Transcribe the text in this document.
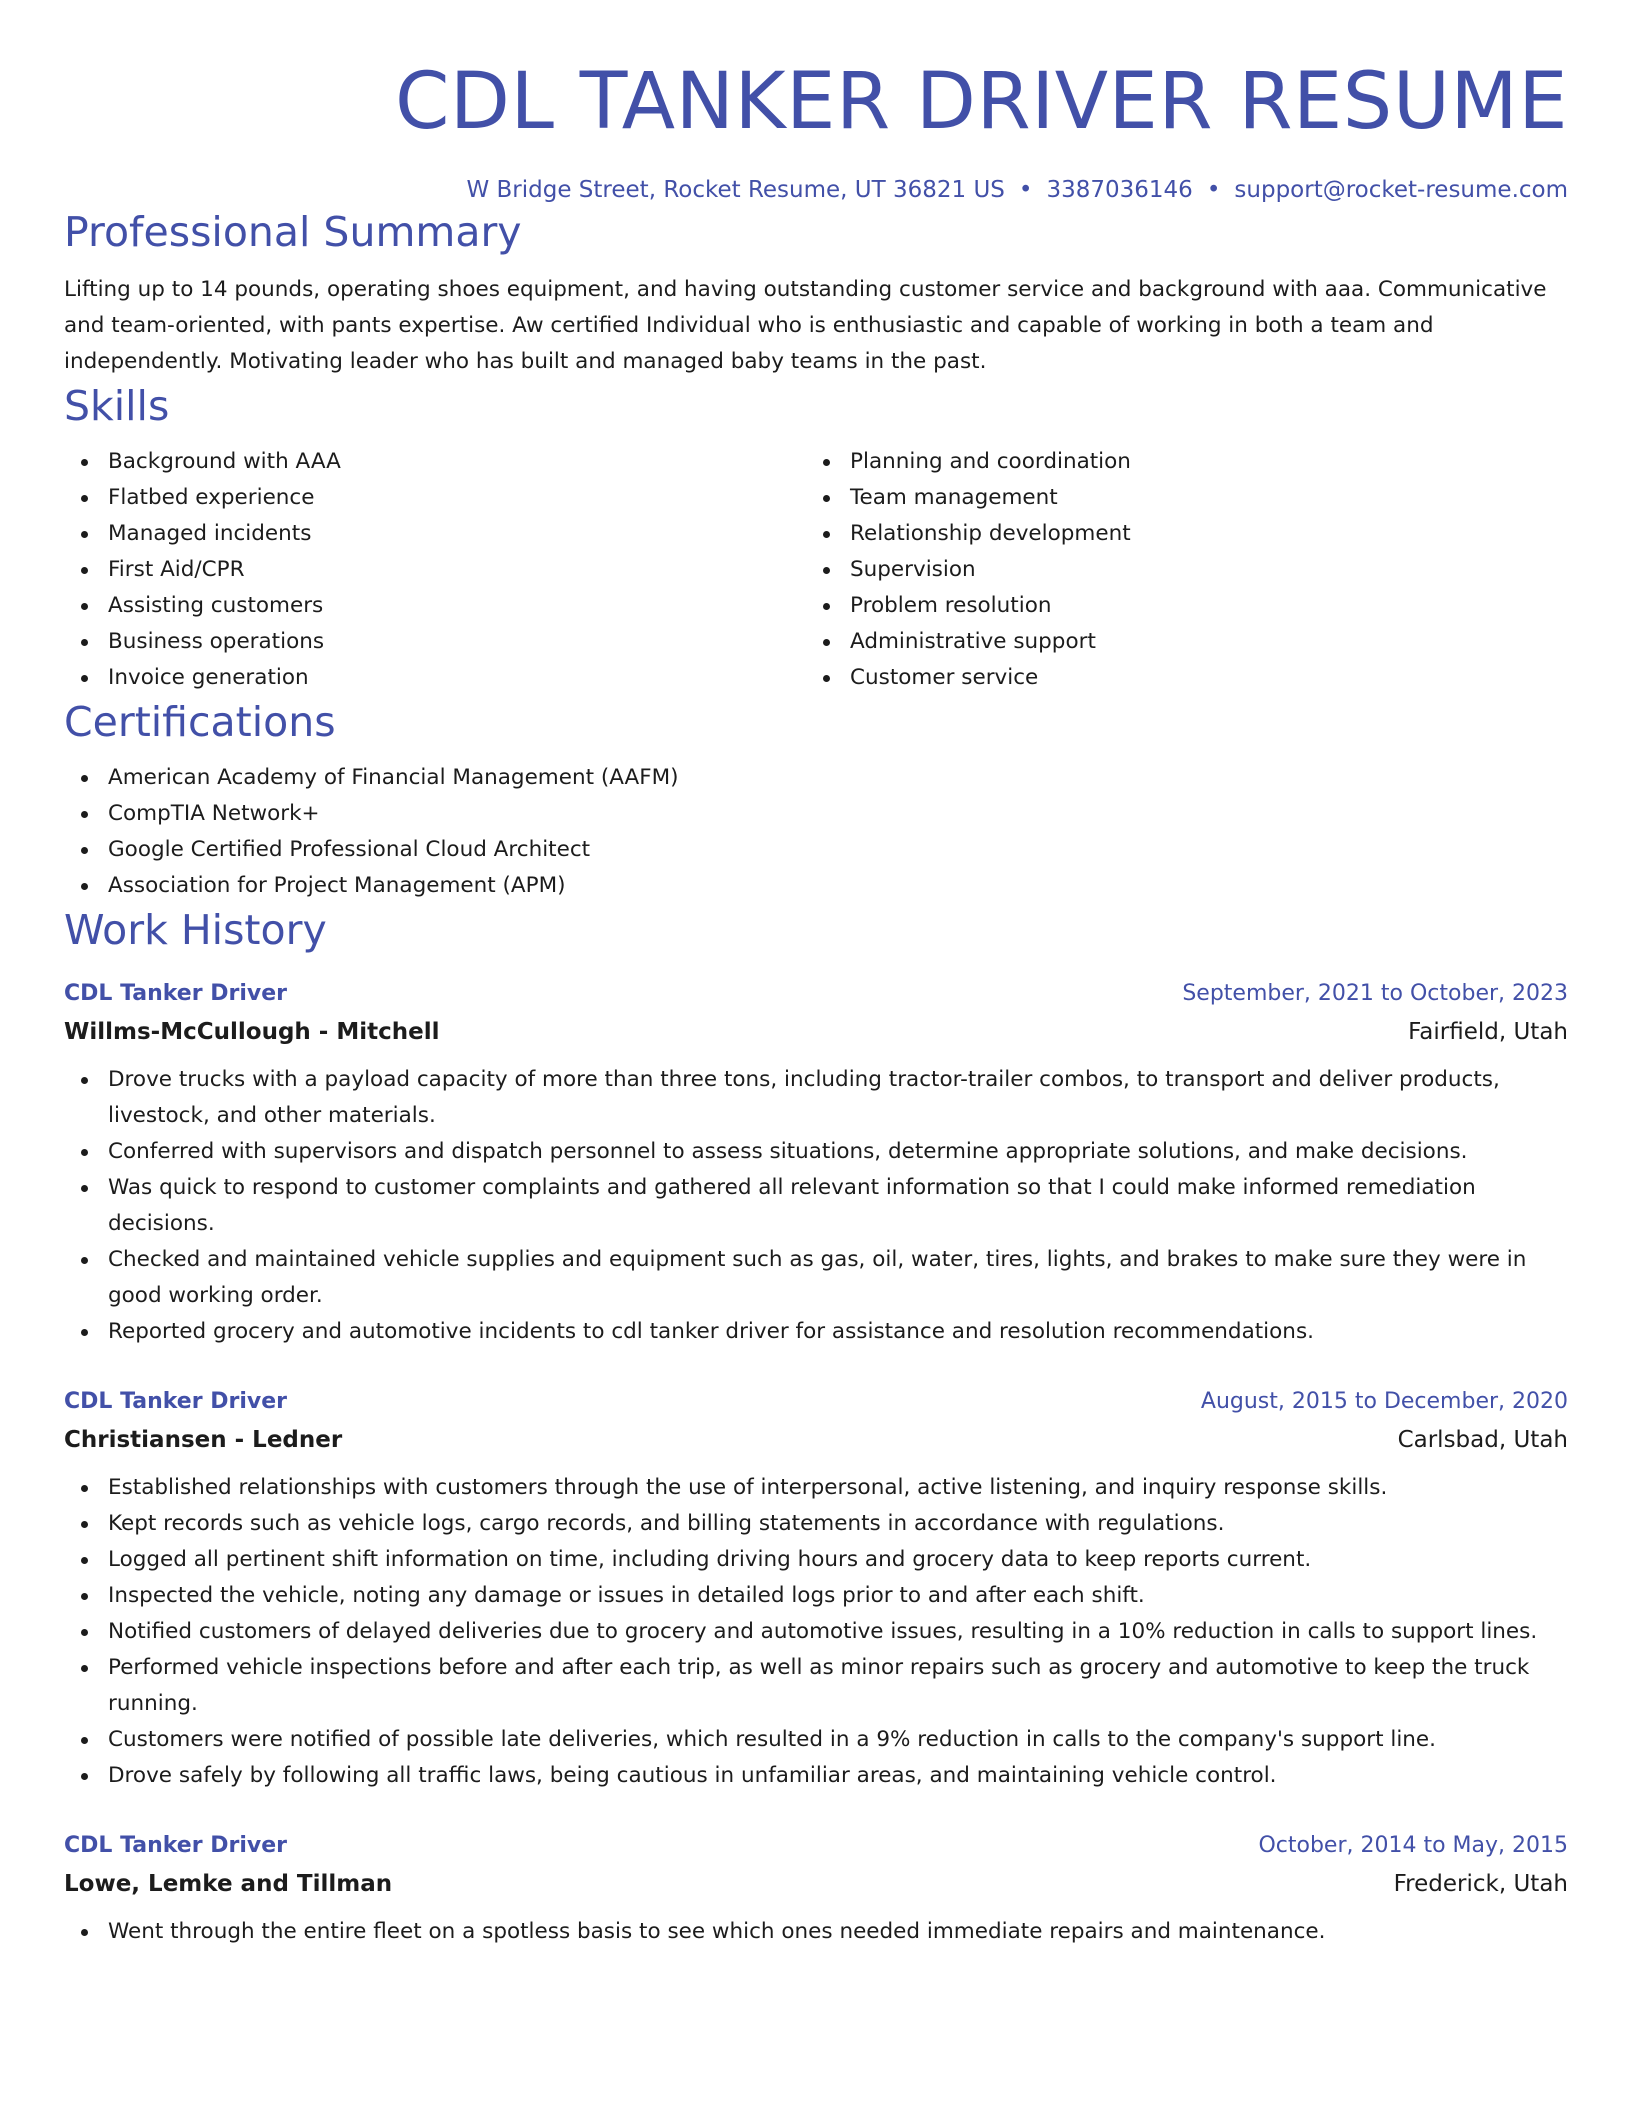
CDL TANKER DRIVER RESUME
W Bridge Street, Rocket Resume, UT 36821 US • 3387036146 • support@rocket-resume.com
Professional Summary

Lifting up to 14 pounds, operating shoes equipment, and having outstanding customer service and background with aaa. Communicative and team-oriented, with pants expertise. Aw certified Individual who is enthusiastic and capable of working in both a team and independently. Motivating leader who has built and managed baby teams in the past.

Skills
Background with AAA
Flatbed experience
Managed incidents
First Aid/CPR
Assisting customers
Business operations
Invoice generation
Planning and coordination
Team management
Relationship development
Supervision
Problem resolution
Administrative support
Customer service
Certifications
American Academy of Financial Management (AAFM)
CompTIA Network+
Google Certified Professional Cloud Architect
Association for Project Management (APM)
Work History
CDL Tanker Driver	September, 2021 to October, 2023
Willms-McCullough - Mitchell	Fairfield, Utah
Drove trucks with a payload capacity of more than three tons, including tractor-trailer combos, to transport and deliver products, livestock, and other materials.
Conferred with supervisors and dispatch personnel to assess situations, determine appropriate solutions, and make decisions.
Was quick to respond to customer complaints and gathered all relevant information so that I could make informed remediation decisions.
Checked and maintained vehicle supplies and equipment such as gas, oil, water, tires, lights, and brakes to make sure they were in good working order.
Reported grocery and automotive incidents to cdl tanker driver for assistance and resolution recommendations.
CDL Tanker Driver	August, 2015 to December, 2020
Christiansen - Ledner	Carlsbad, Utah
Established relationships with customers through the use of interpersonal, active listening, and inquiry response skills.
Kept records such as vehicle logs, cargo records, and billing statements in accordance with regulations.
Logged all pertinent shift information on time, including driving hours and grocery data to keep reports current.
Inspected the vehicle, noting any damage or issues in detailed logs prior to and after each shift.
Notified customers of delayed deliveries due to grocery and automotive issues, resulting in a 10% reduction in calls to support lines.
Performed vehicle inspections before and after each trip, as well as minor repairs such as grocery and automotive to keep the truck running.
Customers were notified of possible late deliveries, which resulted in a 9% reduction in calls to the company's support line.
Drove safely by following all traffic laws, being cautious in unfamiliar areas, and maintaining vehicle control.
CDL Tanker Driver	October, 2014 to May, 2015
Lowe, Lemke and Tillman	Frederick, Utah
Went through the entire fleet on a spotless basis to see which ones needed immediate repairs and maintenance.
